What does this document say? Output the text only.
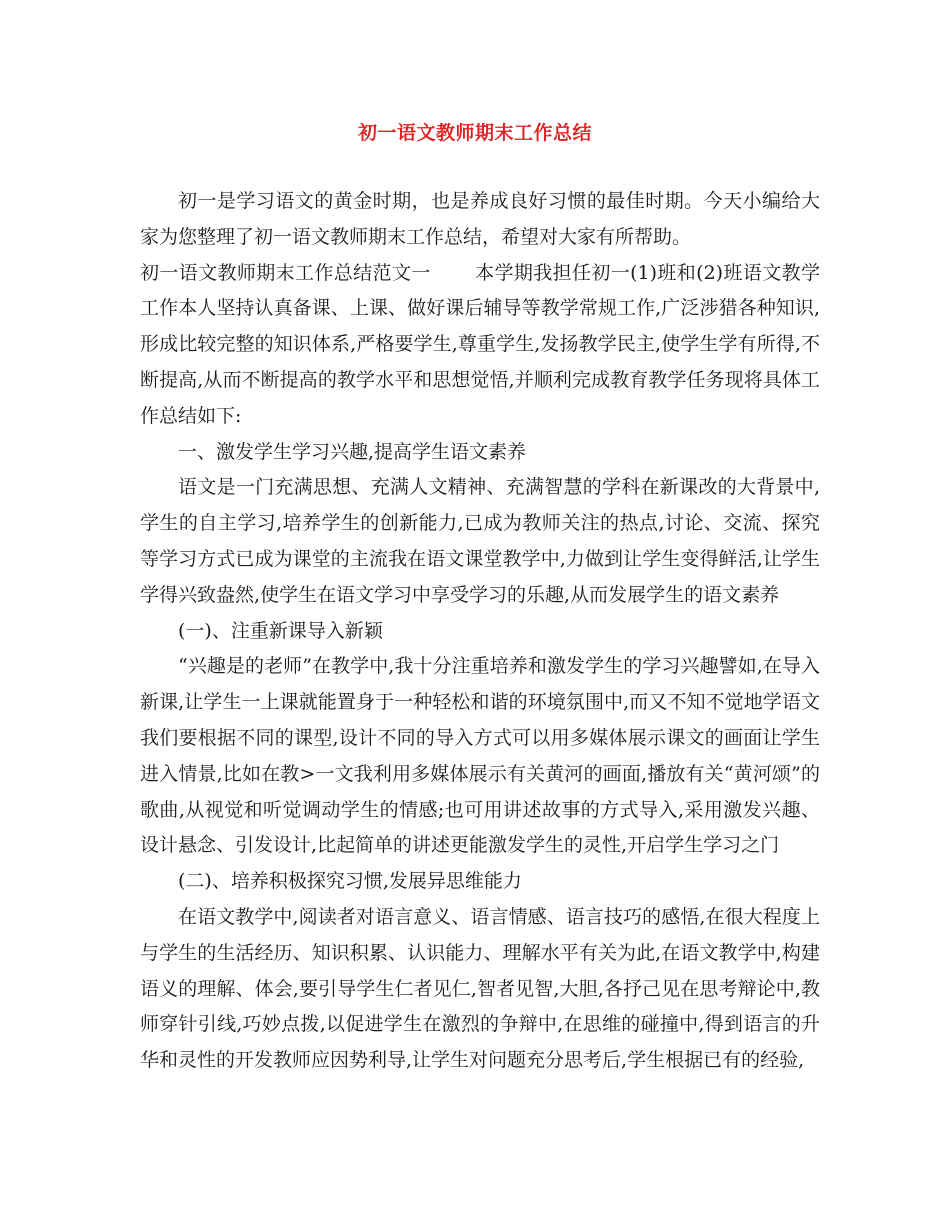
初一语文教师期末工作总结

初一是学习语文的黄金时期，也是养成良好习惯的最佳时期。今天小编给大家为您整理了初一语文教师期末工作总结，希望对大家有所帮助。

初一语文教师期末工作总结范文一 本学期我担任初一(1)班和(2)班语文教学工作本人坚持认真备课、上课、做好课后辅导等教学常规工作,广泛涉猎各种知识,形成比较完整的知识体系,严格要学生,尊重学生,发扬教学民主,使学生学有所得,不断提高,从而不断提高的教学水平和思想觉悟,并顺利完成教育教学任务现将具体工作总结如下:

一、激发学生学习兴趣,提高学生语文素养

语文是一门充满思想、充满人文精神、充满智慧的学科在新课改的大背景中,学生的自主学习,培养学生的创新能力,已成为教师关注的热点,讨论、交流、探究等学习方式已成为课堂的主流我在语文课堂教学中,力做到让学生变得鲜活,让学生学得兴致盎然,使学生在语文学习中享受学习的乐趣,从而发展学生的语文素养

(一)、注重新课导入新颖

“兴趣是的老师”在教学中,我十分注重培养和激发学生的学习兴趣譬如,在导入新课,让学生一上课就能置身于一种轻松和谐的环境氛围中,而又不知不觉地学语文我们要根据不同的课型,设计不同的导入方式可以用多媒体展示课文的画面让学生进入情景,比如在教>一文我利用多媒体展示有关黄河的画面,播放有关“黄河颂”的歌曲,从视觉和听觉调动学生的情感;也可用讲述故事的方式导入,采用激发兴趣、设计悬念、引发设计,比起简单的讲述更能激发学生的灵性,开启学生学习之门

(二)、培养积极探究习惯,发展异思维能力

在语文教学中,阅读者对语言意义、语言情感、语言技巧的感悟,在很大程度上与学生的生活经历、知识积累、认识能力、理解水平有关为此,在语文教学中,构建语义的理解、体会,要引导学生仁者见仁,智者见智,大胆,各抒己见在思考辩论中,教师穿针引线,巧妙点拨,以促进学生在激烈的争辩中,在思维的碰撞中,得到语言的升华和灵性的开发教师应因势利导,让学生对问题充分思考后,学生根据已有的经验,
